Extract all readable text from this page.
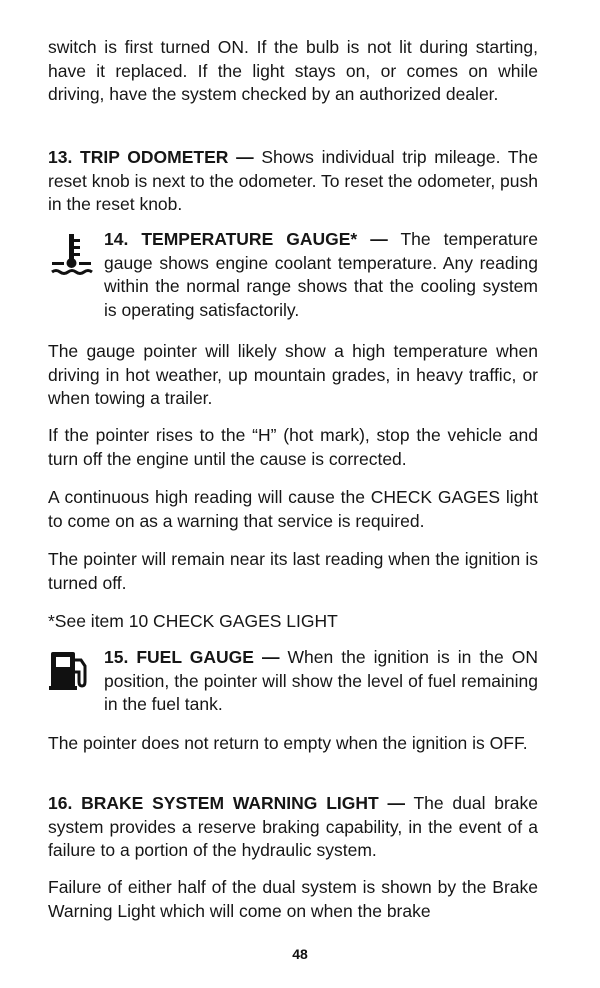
switch is first turned ON. If the bulb is not lit during starting, have it replaced. If the light stays on, or comes on while driving, have the system checked by an authorized dealer.

13. TRIP ODOMETER — Shows individual trip mileage. The reset knob is next to the odometer. To reset the odometer, push in the reset knob.

14. TEMPERATURE GAUGE* — The temperature gauge shows engine coolant temperature. Any reading within the normal range shows that the cooling system is operating satisfactorily.

The gauge pointer will likely show a high temperature when driving in hot weather, up mountain grades, in heavy traffic, or when towing a trailer.

If the pointer rises to the “H” (hot mark), stop the vehicle and turn off the engine until the cause is corrected.

A continuous high reading will cause the CHECK GAGES light to come on as a warning that service is required.

The pointer will remain near its last reading when the ignition is turned off.

*See item 10 CHECK GAGES LIGHT

15. FUEL GAUGE — When the ignition is in the ON position, the pointer will show the level of fuel remaining in the fuel tank.

The pointer does not return to empty when the ignition is OFF.

16. BRAKE SYSTEM WARNING LIGHT — The dual brake system provides a reserve braking capability, in the event of a failure to a portion of the hydraulic system.

Failure of either half of the dual system is shown by the Brake Warning Light which will come on when the brake

48
